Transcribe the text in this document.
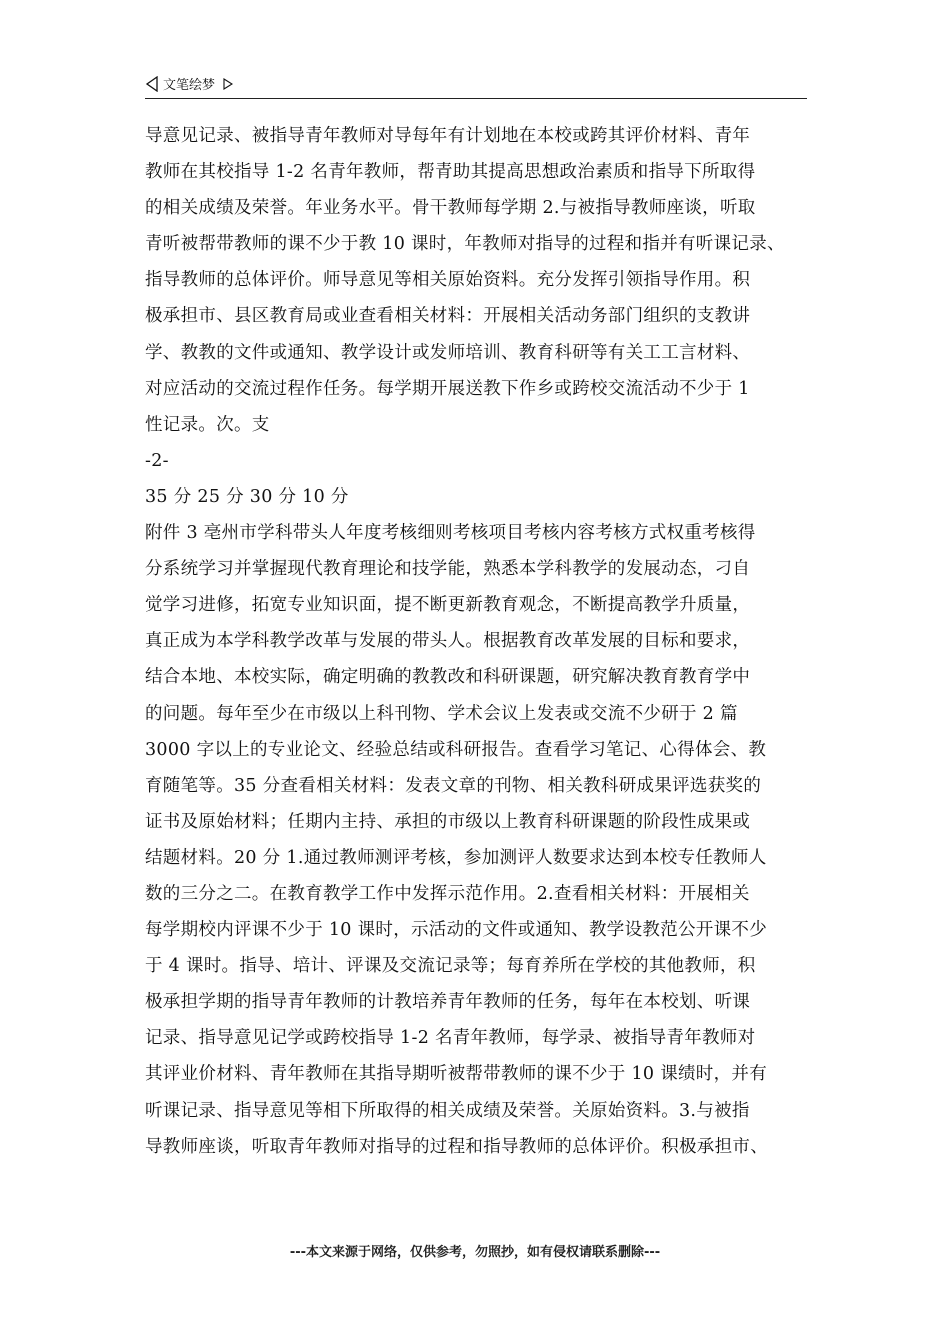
文笔绘梦
导意见记录、被指导青年教师对导每年有计划地在本校或跨其评价材料、青年
教师在其校指导 1-2 名青年教师，帮青助其提高思想政治素质和指导下所取得
的相关成绩及荣誉。年业务水平。骨干教师每学期 2.与被指导教师座谈，听取
青听被帮带教师的课不少于教 10 课时，年教师对指导的过程和指并有听课记录、
指导教师的总体评价。师导意见等相关原始资料。充分发挥引领指导作用。积
极承担市、县区教育局或业查看相关材料：开展相关活动务部门组织的支教讲
学、教教的文件或通知、教学设计或发师培训、教育科研等有关工工言材料、
对应活动的交流过程作任务。每学期开展送教下作乡或跨校交流活动不少于 1
性记录。次。支
-2-
35 分 25 分 30 分 10 分
附件 3 亳州市学科带头人年度考核细则考核项目考核内容考核方式权重考核得
分系统学习并掌握现代教育理论和技学能，熟悉本学科教学的发展动态，刁自
觉学习进修，拓宽专业知识面，提不断更新教育观念，不断提高教学升质量，
真正成为本学科教学改革与发展的带头人。根据教育改革发展的目标和要求，
结合本地、本校实际，确定明确的教教改和科研课题，研究解决教育教育学中
的问题。每年至少在市级以上科刊物、学术会议上发表或交流不少研于 2 篇
3000 字以上的专业论文、经验总结或科研报告。查看学习笔记、心得体会、教
育随笔等。35 分查看相关材料：发表文章的刊物、相关教科研成果评选获奖的
证书及原始材料；任期内主持、承担的市级以上教育科研课题的阶段性成果或
结题材料。20 分 1.通过教师测评考核，参加测评人数要求达到本校专任教师人
数的三分之二。在教育教学工作中发挥示范作用。2.查看相关材料：开展相关
每学期校内评课不少于 10 课时，示活动的文件或通知、教学设教范公开课不少
于 4 课时。指导、培计、评课及交流记录等；每育养所在学校的其他教师，积
极承担学期的指导青年教师的计教培养青年教师的任务，每年在本校划、听课
记录、指导意见记学或跨校指导 1-2 名青年教师，每学录、被指导青年教师对
其评业价材料、青年教师在其指导期听被帮带教师的课不少于 10 课绩时，并有
听课记录、指导意见等相下所取得的相关成绩及荣誉。关原始资料。3.与被指
导教师座谈，听取青年教师对指导的过程和指导教师的总体评价。积极承担市、
---本文来源于网络，仅供参考，勿照抄，如有侵权请联系删除---
